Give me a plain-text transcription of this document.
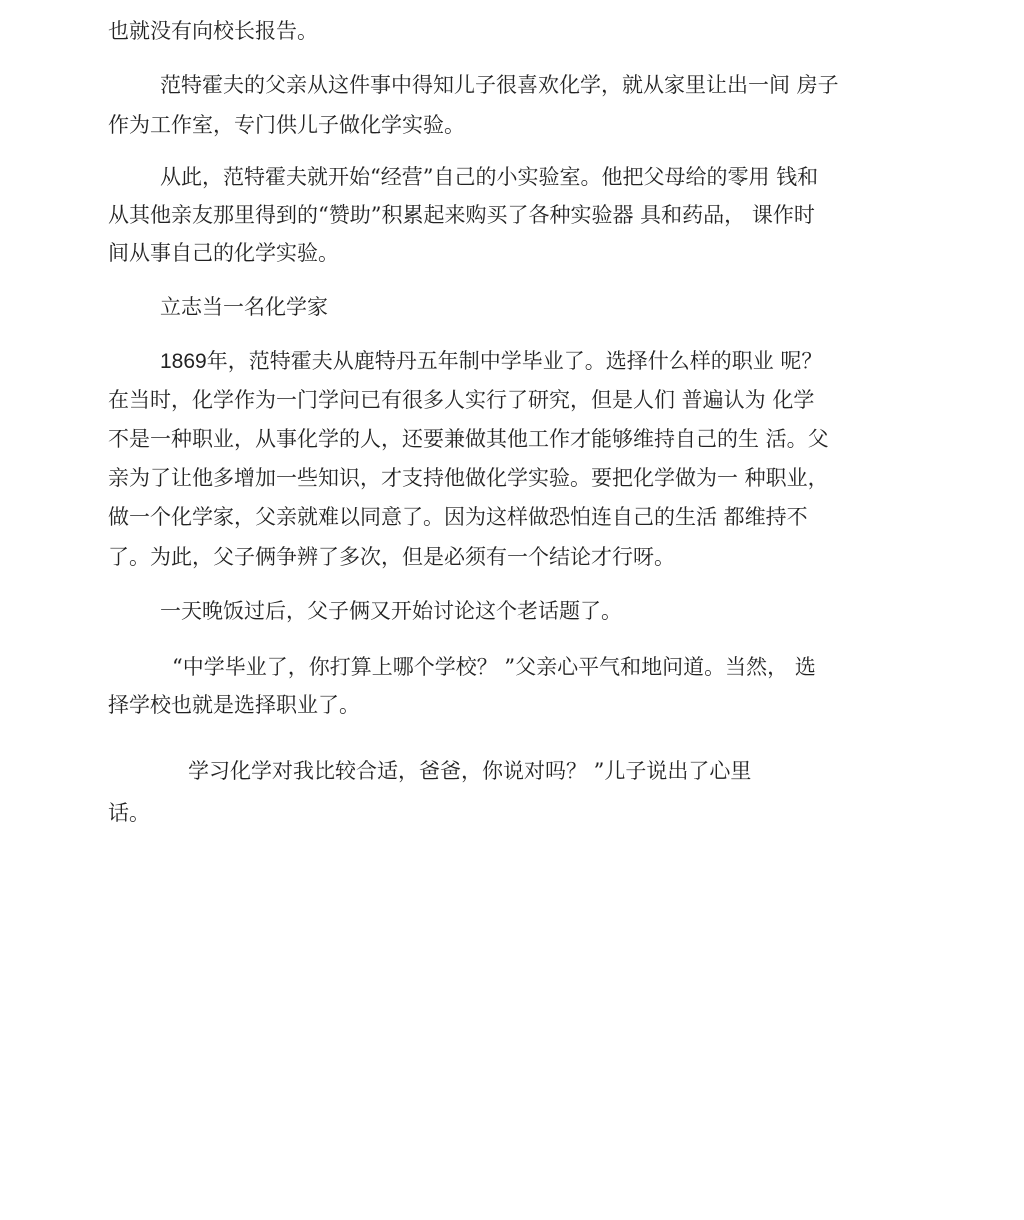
也就没有向校长报告。

范特霍夫的父亲从这件事中得知儿子很喜欢化学，就从家里让出一间 房子

作为工作室，专门供儿子做化学实验。

从此，范特霍夫就开始“经营”自己的小实验室。他把父母给的零用 钱和

从其他亲友那里得到的“赞助”积累起来购买了各种实验器 具和药品， 课作时

间从事自己的化学实验。

立志当一名化学家

1869年，范特霍夫从鹿特丹五年制中学毕业了。选择什么样的职业 呢？

在当时，化学作为一门学问已有很多人实行了研究，但是人们 普遍认为 化学

不是一种职业，从事化学的人，还要兼做其他工作才能够维持自己的生 活。父

亲为了让他多增加一些知识，才支持他做化学实验。要把化学做为一 种职业，

做一个化学家，父亲就难以同意了。因为这样做恐怕连自己的生活 都维持不

了。为此，父子俩争辨了多次，但是必须有一个结论才行呀。

一天晚饭过后，父子俩又开始讨论这个老话题了。

“中学毕业了，你打算上哪个学校？ ”父亲心平气和地问道。当然， 选

择学校也就是选择职业了。

学习化学对我比较合适，爸爸，你说对吗？ ”儿子说出了心里

话。
